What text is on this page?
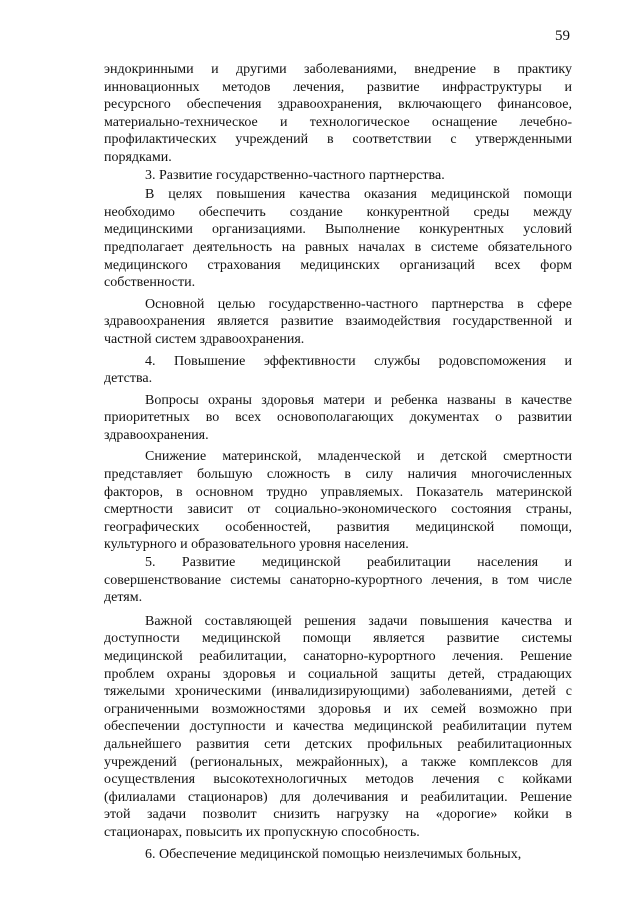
59

эндокринными и другими заболеваниями, внедрение в практику
инновационных методов лечения, развитие инфраструктуры и
ресурсного обеспечения здравоохранения, включающего финансовое,
материально-техническое и технологическое оснащение лечебно-
профилактических учреждений в соответствии с утвержденными
порядками.

3. Развитие государственно-частного партнерства.

В целях повышения качества оказания медицинской помощи
необходимо обеспечить создание конкурентной среды между
медицинскими организациями. Выполнение конкурентных условий
предполагает деятельность на равных началах в системе обязательного
медицинского страхования медицинских организаций всех форм
собственности.

Основной целью государственно-частного партнерства в сфере
здравоохранения является развитие взаимодействия государственной и
частной систем здравоохранения.

4. Повышение эффективности службы родовспоможения и
детства.

Вопросы охраны здоровья матери и ребенка названы в качестве
приоритетных во всех основополагающих документах о развитии
здравоохранения.

Снижение материнской, младенческой и детской смертности
представляет большую сложность в силу наличия многочисленных
факторов, в основном трудно управляемых. Показатель материнской
смертности зависит от социально-экономического состояния страны,
географических особенностей, развития медицинской помощи,
культурного и образовательного уровня населения.

5. Развитие медицинской реабилитации населения и
совершенствование системы санаторно-курортного лечения, в том числе
детям.

Важной составляющей решения задачи повышения качества и
доступности медицинской помощи является развитие системы
медицинской реабилитации, санаторно-курортного лечения. Решение
проблем охраны здоровья и социальной защиты детей, страдающих
тяжелыми хроническими (инвалидизирующими) заболеваниями, детей с
ограниченными возможностями здоровья и их семей возможно при
обеспечении доступности и качества медицинской реабилитации путем
дальнейшего развития сети детских профильных реабилитационных
учреждений (региональных, межрайонных), а также комплексов для
осуществления высокотехнологичных методов лечения с койками
(филиалами стационаров) для долечивания и реабилитации. Решение
этой задачи позволит снизить нагрузку на «дорогие» койки в
стационарах, повысить их пропускную способность.

6. Обеспечение медицинской помощью неизлечимых больных,
